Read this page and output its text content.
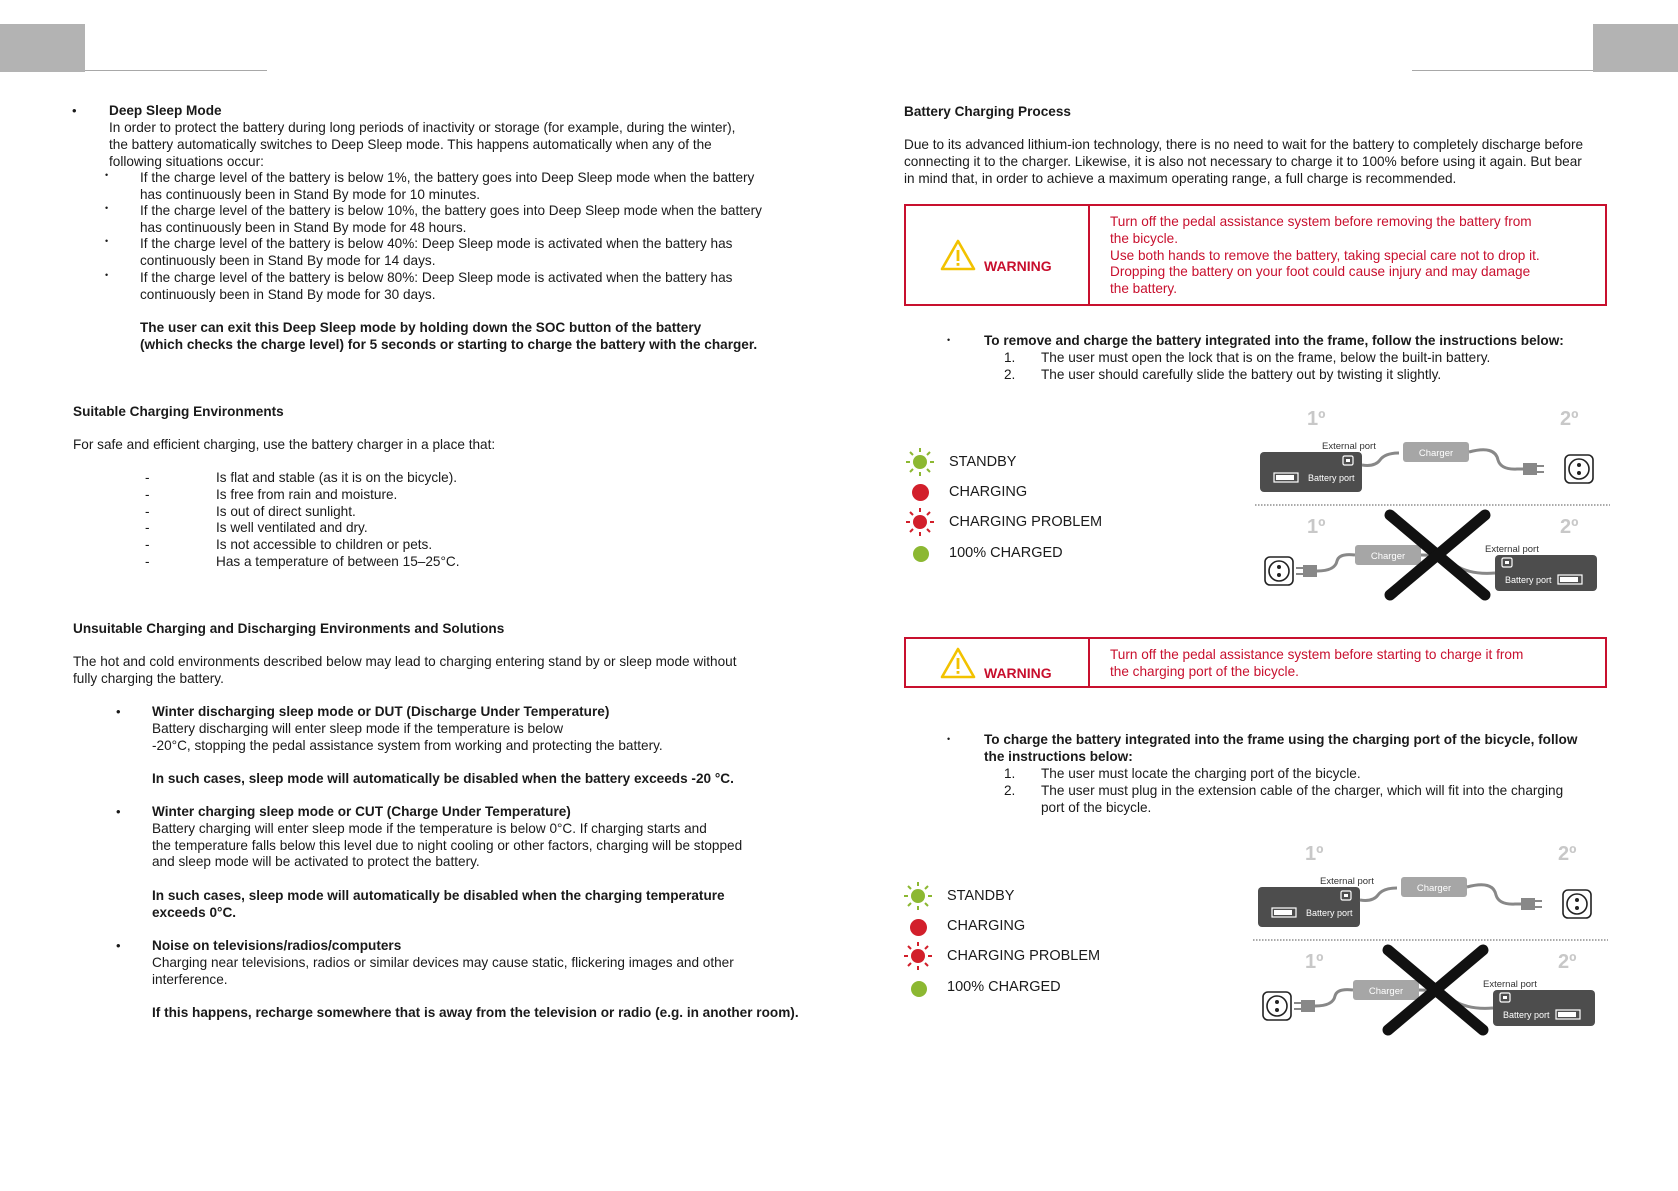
• Deep Sleep Mode
In order to protect the battery during long periods of inactivity or storage (for example, during the winter),
the battery automatically switches to Deep Sleep mode. This happens automatically when any of the
following situations occur:
• If the charge level of the battery is below 1%, the battery goes into Deep Sleep mode when the battery
has continuously been in Stand By mode for 10 minutes.
• If the charge level of the battery is below 10%, the battery goes into Deep Sleep mode when the battery
has continuously been in Stand By mode for 48 hours.
• If the charge level of the battery is below 40%: Deep Sleep mode is activated when the battery has
continuously been in Stand By mode for 14 days.
• If the charge level of the battery is below 80%: Deep Sleep mode is activated when the battery has
continuously been in Stand By mode for 30 days.
The user can exit this Deep Sleep mode by holding down the SOC button of the battery
(which checks the charge level) for 5 seconds or starting to charge the battery with the charger.
Suitable Charging Environments
For safe and efficient charging, use the battery charger in a place that:
-	Is flat and stable (as it is on the bicycle).
-	Is free from rain and moisture.
-	Is out of direct sunlight.
-	Is well ventilated and dry.
-	Is not accessible to children or pets.
-	Has a temperature of between 15–25°C.
Unsuitable Charging and Discharging Environments and Solutions
The hot and cold environments described below may lead to charging entering stand by or sleep mode without
fully charging the battery.
• Winter discharging sleep mode or DUT (Discharge Under Temperature)
Battery discharging will enter sleep mode if the temperature is below
-20°C, stopping the pedal assistance system from working and protecting the battery.
In such cases, sleep mode will automatically be disabled when the battery exceeds -20 °C.
• Winter charging sleep mode or CUT (Charge Under Temperature)
Battery charging will enter sleep mode if the temperature is below 0°C. If charging starts and
the temperature falls below this level due to night cooling or other factors, charging will be stopped
and sleep mode will be activated to protect the battery.
In such cases, sleep mode will automatically be disabled when the charging temperature
exceeds 0°C.
• Noise on televisions/radios/computers
Charging near televisions, radios or similar devices may cause static, flickering images and other
interference.
If this happens, recharge somewhere that is away from the television or radio (e.g. in another room).
Battery Charging Process
Due to its advanced lithium-ion technology, there is no need to wait for the battery to completely discharge before
connecting it to the charger. Likewise, it is also not necessary to charge it to 100% before using it again. But bear
in mind that, in order to achieve a maximum operating range, a full charge is recommended.
WARNING
Turn off the pedal assistance system before removing the battery from
the bicycle.
Use both hands to remove the battery, taking special care not to drop it.
Dropping the battery on your foot could cause injury and may damage
the battery.
• To remove and charge the battery integrated into the frame, follow the instructions below:
1. The user must open the lock that is on the frame, below the built-in battery.
2. The user should carefully slide the battery out by twisting it slightly.
STANDBY
CHARGING
CHARGING PROBLEM
100% CHARGED
1º	2º
External port
Battery port
Charger
1º	2º
Charger
External port
Battery port
WARNING
Turn off the pedal assistance system before starting to charge it from
the charging port of the bicycle.
• To charge the battery integrated into the frame using the charging port of the bicycle, follow
the instructions below:
1. The user must locate the charging port of the bicycle.
2. The user must plug in the extension cable of the charger, which will fit into the charging
port of the bicycle.
STANDBY
CHARGING
CHARGING PROBLEM
100% CHARGED
1º	2º
External port
Battery port
Charger
1º	2º
Charger
External port
Battery port
